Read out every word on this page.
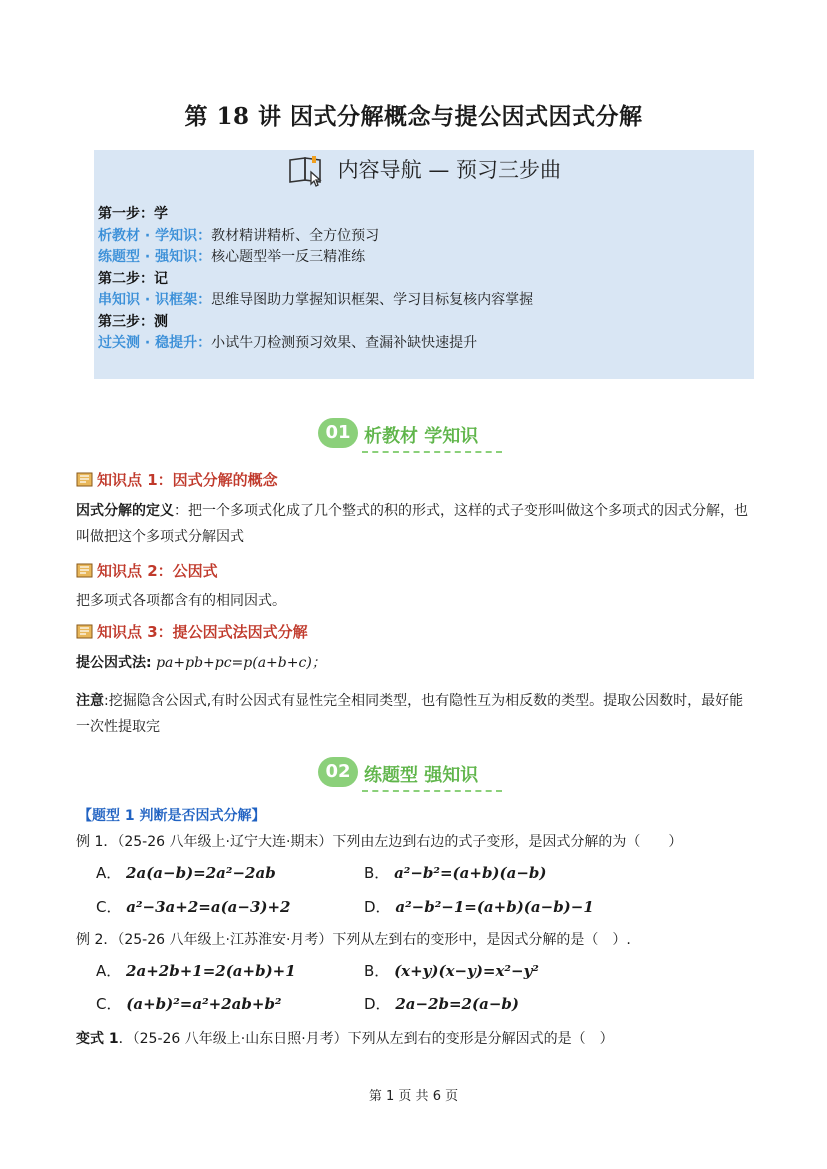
第 18 讲 因式分解概念与提公因式因式分解
内容导航 — 预习三步曲
第一步：学
析教材 · 学知识：教材精讲精析、全方位预习
练题型 · 强知识：核心题型举一反三精准练
第二步：记
串知识 · 识框架：思维导图助力掌握知识框架、学习目标复核内容掌握
第三步：测
过关测 · 稳提升：小试牛刀检测预习效果、查漏补缺快速提升
01 析教材 学知识
知识点 1：因式分解的概念
因式分解的定义：把一个多项式化成了几个整式的积的形式，这样的式子变形叫做这个多项式的因式分解，也叫做把这个多项式分解因式
知识点 2：公因式
把多项式各项都含有的相同因式。
知识点 3：提公因式法因式分解
提公因式法: pa+pb+pc=p(a+b+c)；
注意:挖掘隐含公因式,有时公因式有显性完全相同类型，也有隐性互为相反数的类型。提取公因数时，最好能一次性提取完
02 练题型 强知识
【题型 1 判断是否因式分解】
例 1．（25-26 八年级上·辽宁大连·期末）下列由左边到右边的式子变形，是因式分解的为（　　）
A． 2a(a−b)=2a²−2ab	B． a²−b²=(a+b)(a−b)
C． a²−3a+2=a(a−3)+2	D． a²−b²−1=(a+b)(a−b)−1
例 2．（25-26 八年级上·江苏淮安·月考）下列从左到右的变形中，是因式分解的是（　）.
A． 2a+2b+1=2(a+b)+1	B． (x+y)(x−y)=x²−y²
C． (a+b)²=a²+2ab+b²	D． 2a−2b=2(a−b)
变式 1．（25-26 八年级上·山东日照·月考）下列从左到右的变形是分解因式的是（　）
第 1 页 共 6 页
